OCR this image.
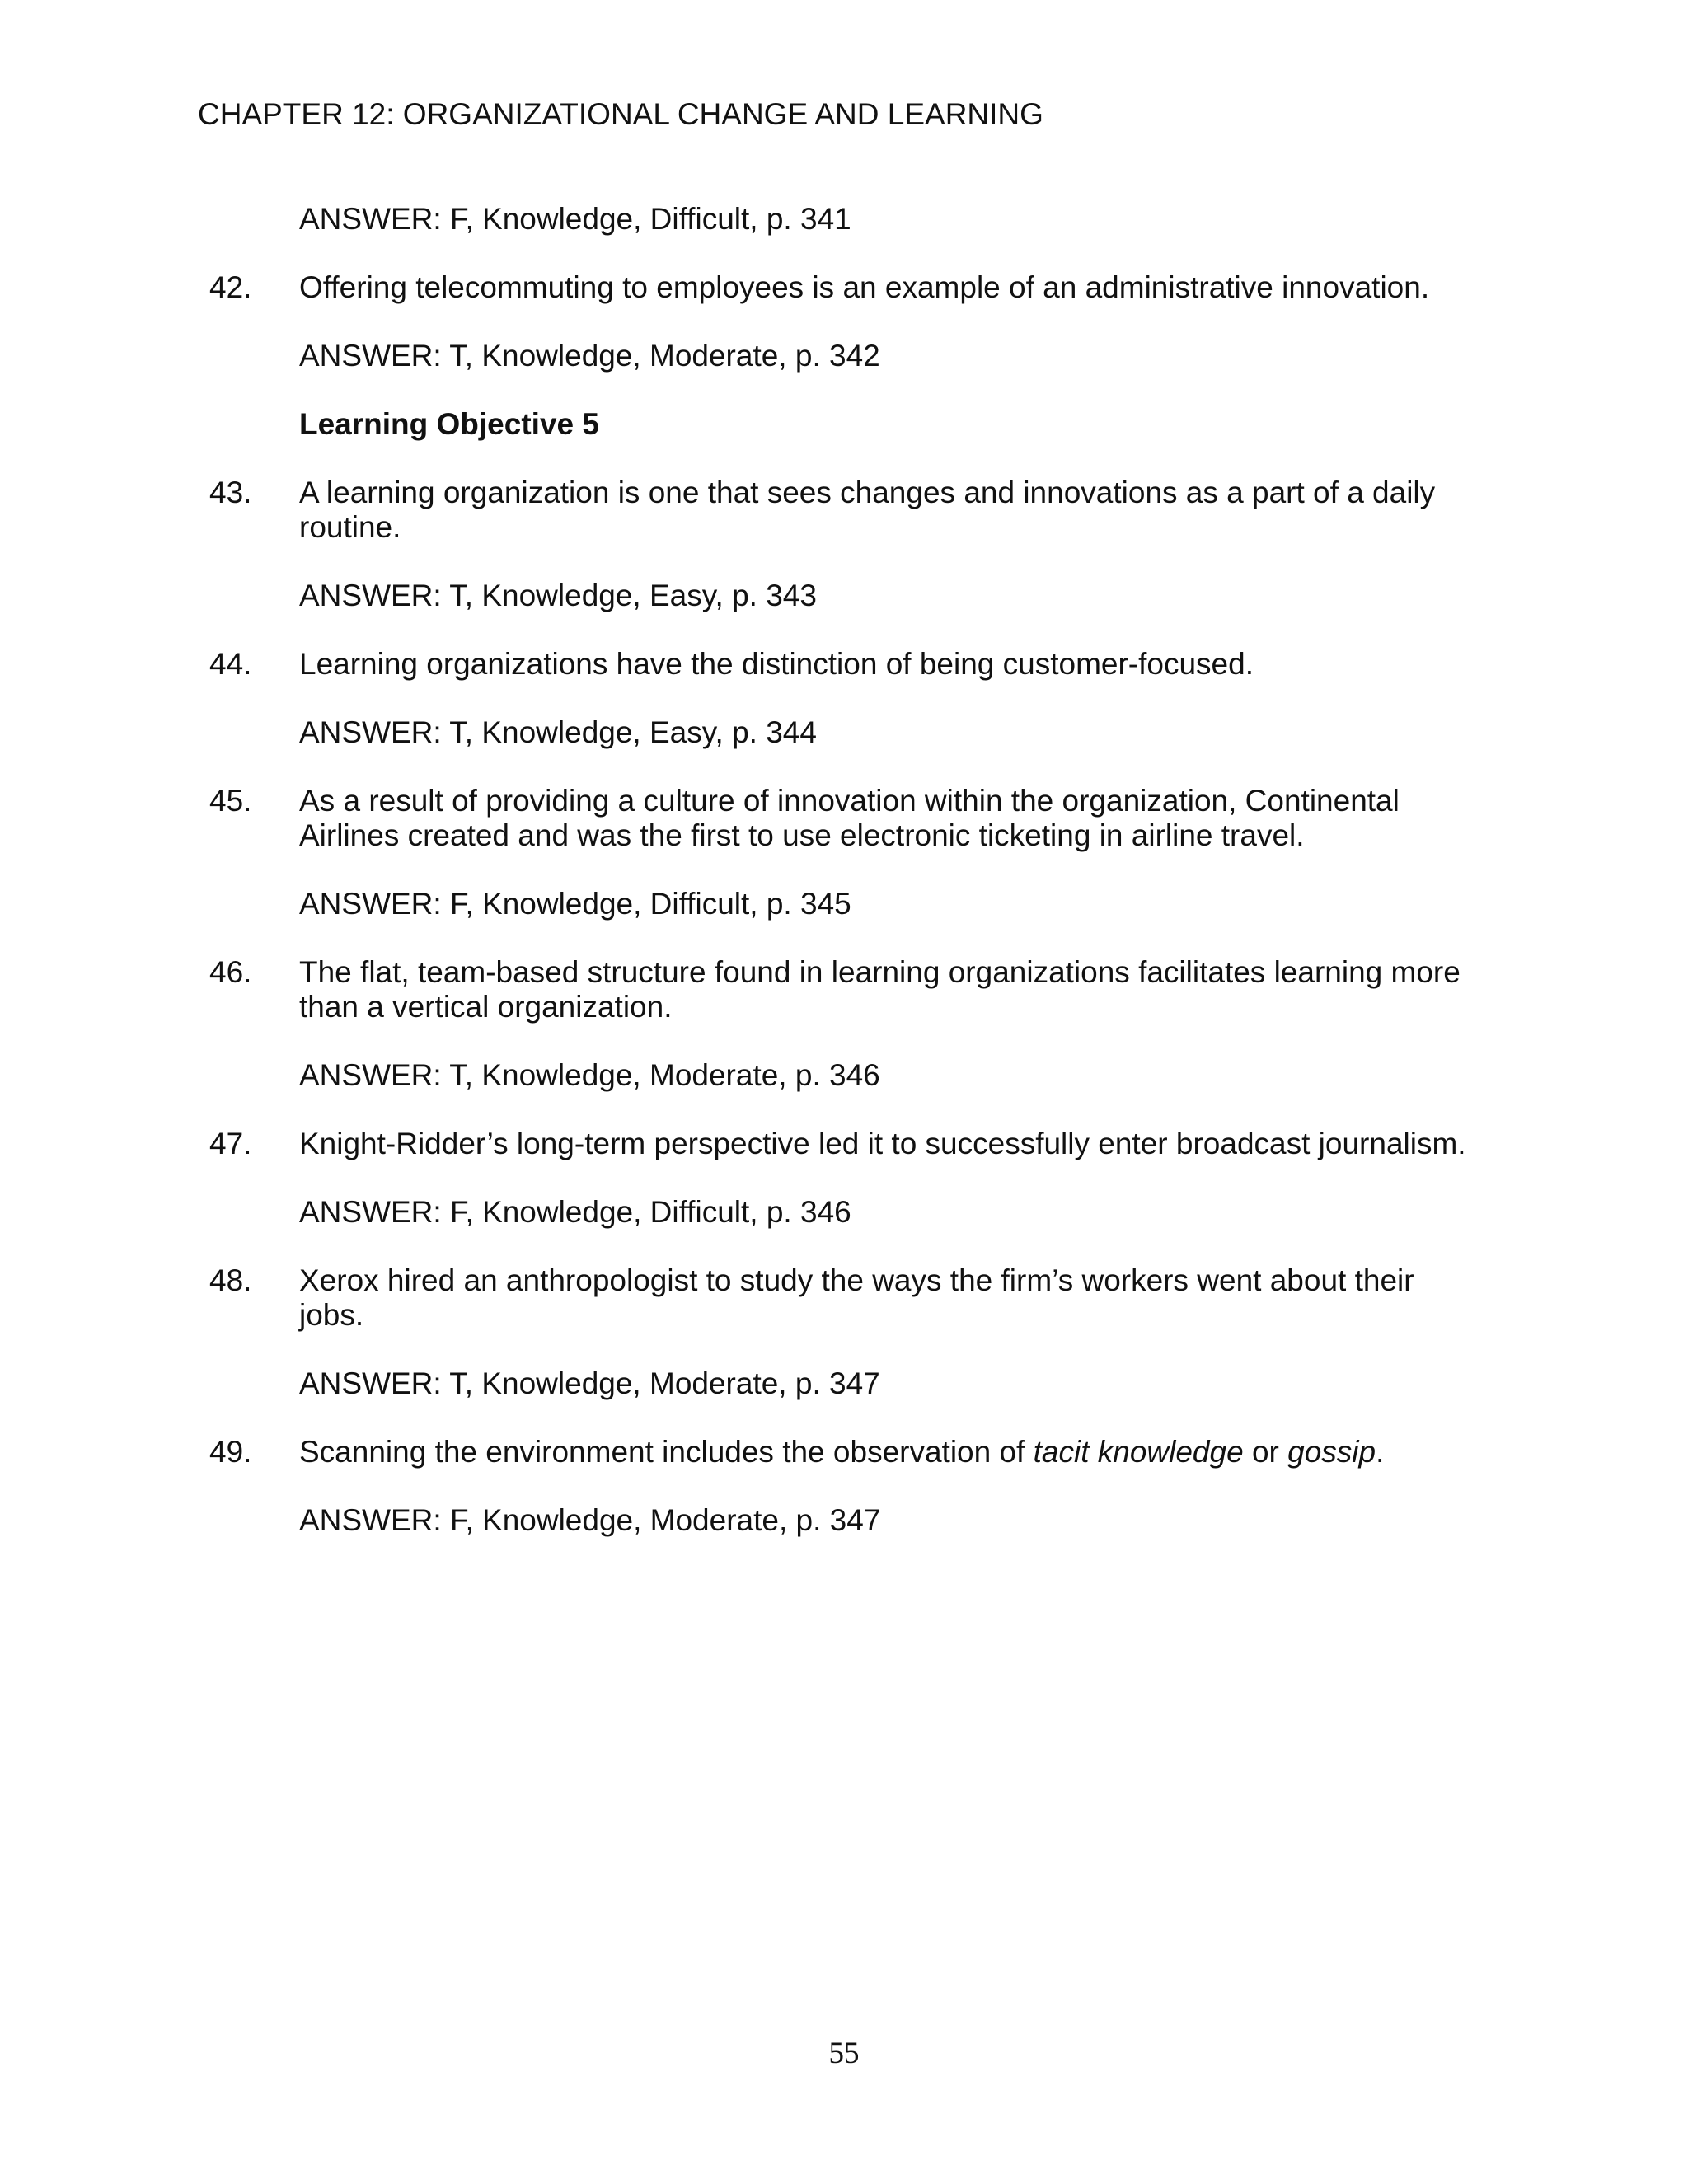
CHAPTER 12: ORGANIZATIONAL CHANGE AND LEARNING
ANSWER: F, Knowledge, Difficult, p. 341
42.	Offering telecommuting to employees is an example of an administrative innovation.
ANSWER: T, Knowledge, Moderate, p. 342
Learning Objective 5
43.	A learning organization is one that sees changes and innovations as a part of a daily routine.
ANSWER: T, Knowledge, Easy, p. 343
44.	Learning organizations have the distinction of being customer-focused.
ANSWER: T, Knowledge, Easy, p. 344
45.	As a result of providing a culture of innovation within the organization, Continental Airlines created and was the first to use electronic ticketing in airline travel.
ANSWER: F, Knowledge, Difficult, p. 345
46.	The flat, team-based structure found in learning organizations facilitates learning more than a vertical organization.
ANSWER: T, Knowledge, Moderate, p. 346
47.	Knight-Ridder’s long-term perspective led it to successfully enter broadcast journalism.
ANSWER: F, Knowledge, Difficult, p. 346
48.	Xerox hired an anthropologist to study the ways the firm’s workers went about their jobs.
ANSWER: T, Knowledge, Moderate, p. 347
49.	Scanning the environment includes the observation of tacit knowledge or gossip.
ANSWER: F, Knowledge, Moderate, p. 347
55
